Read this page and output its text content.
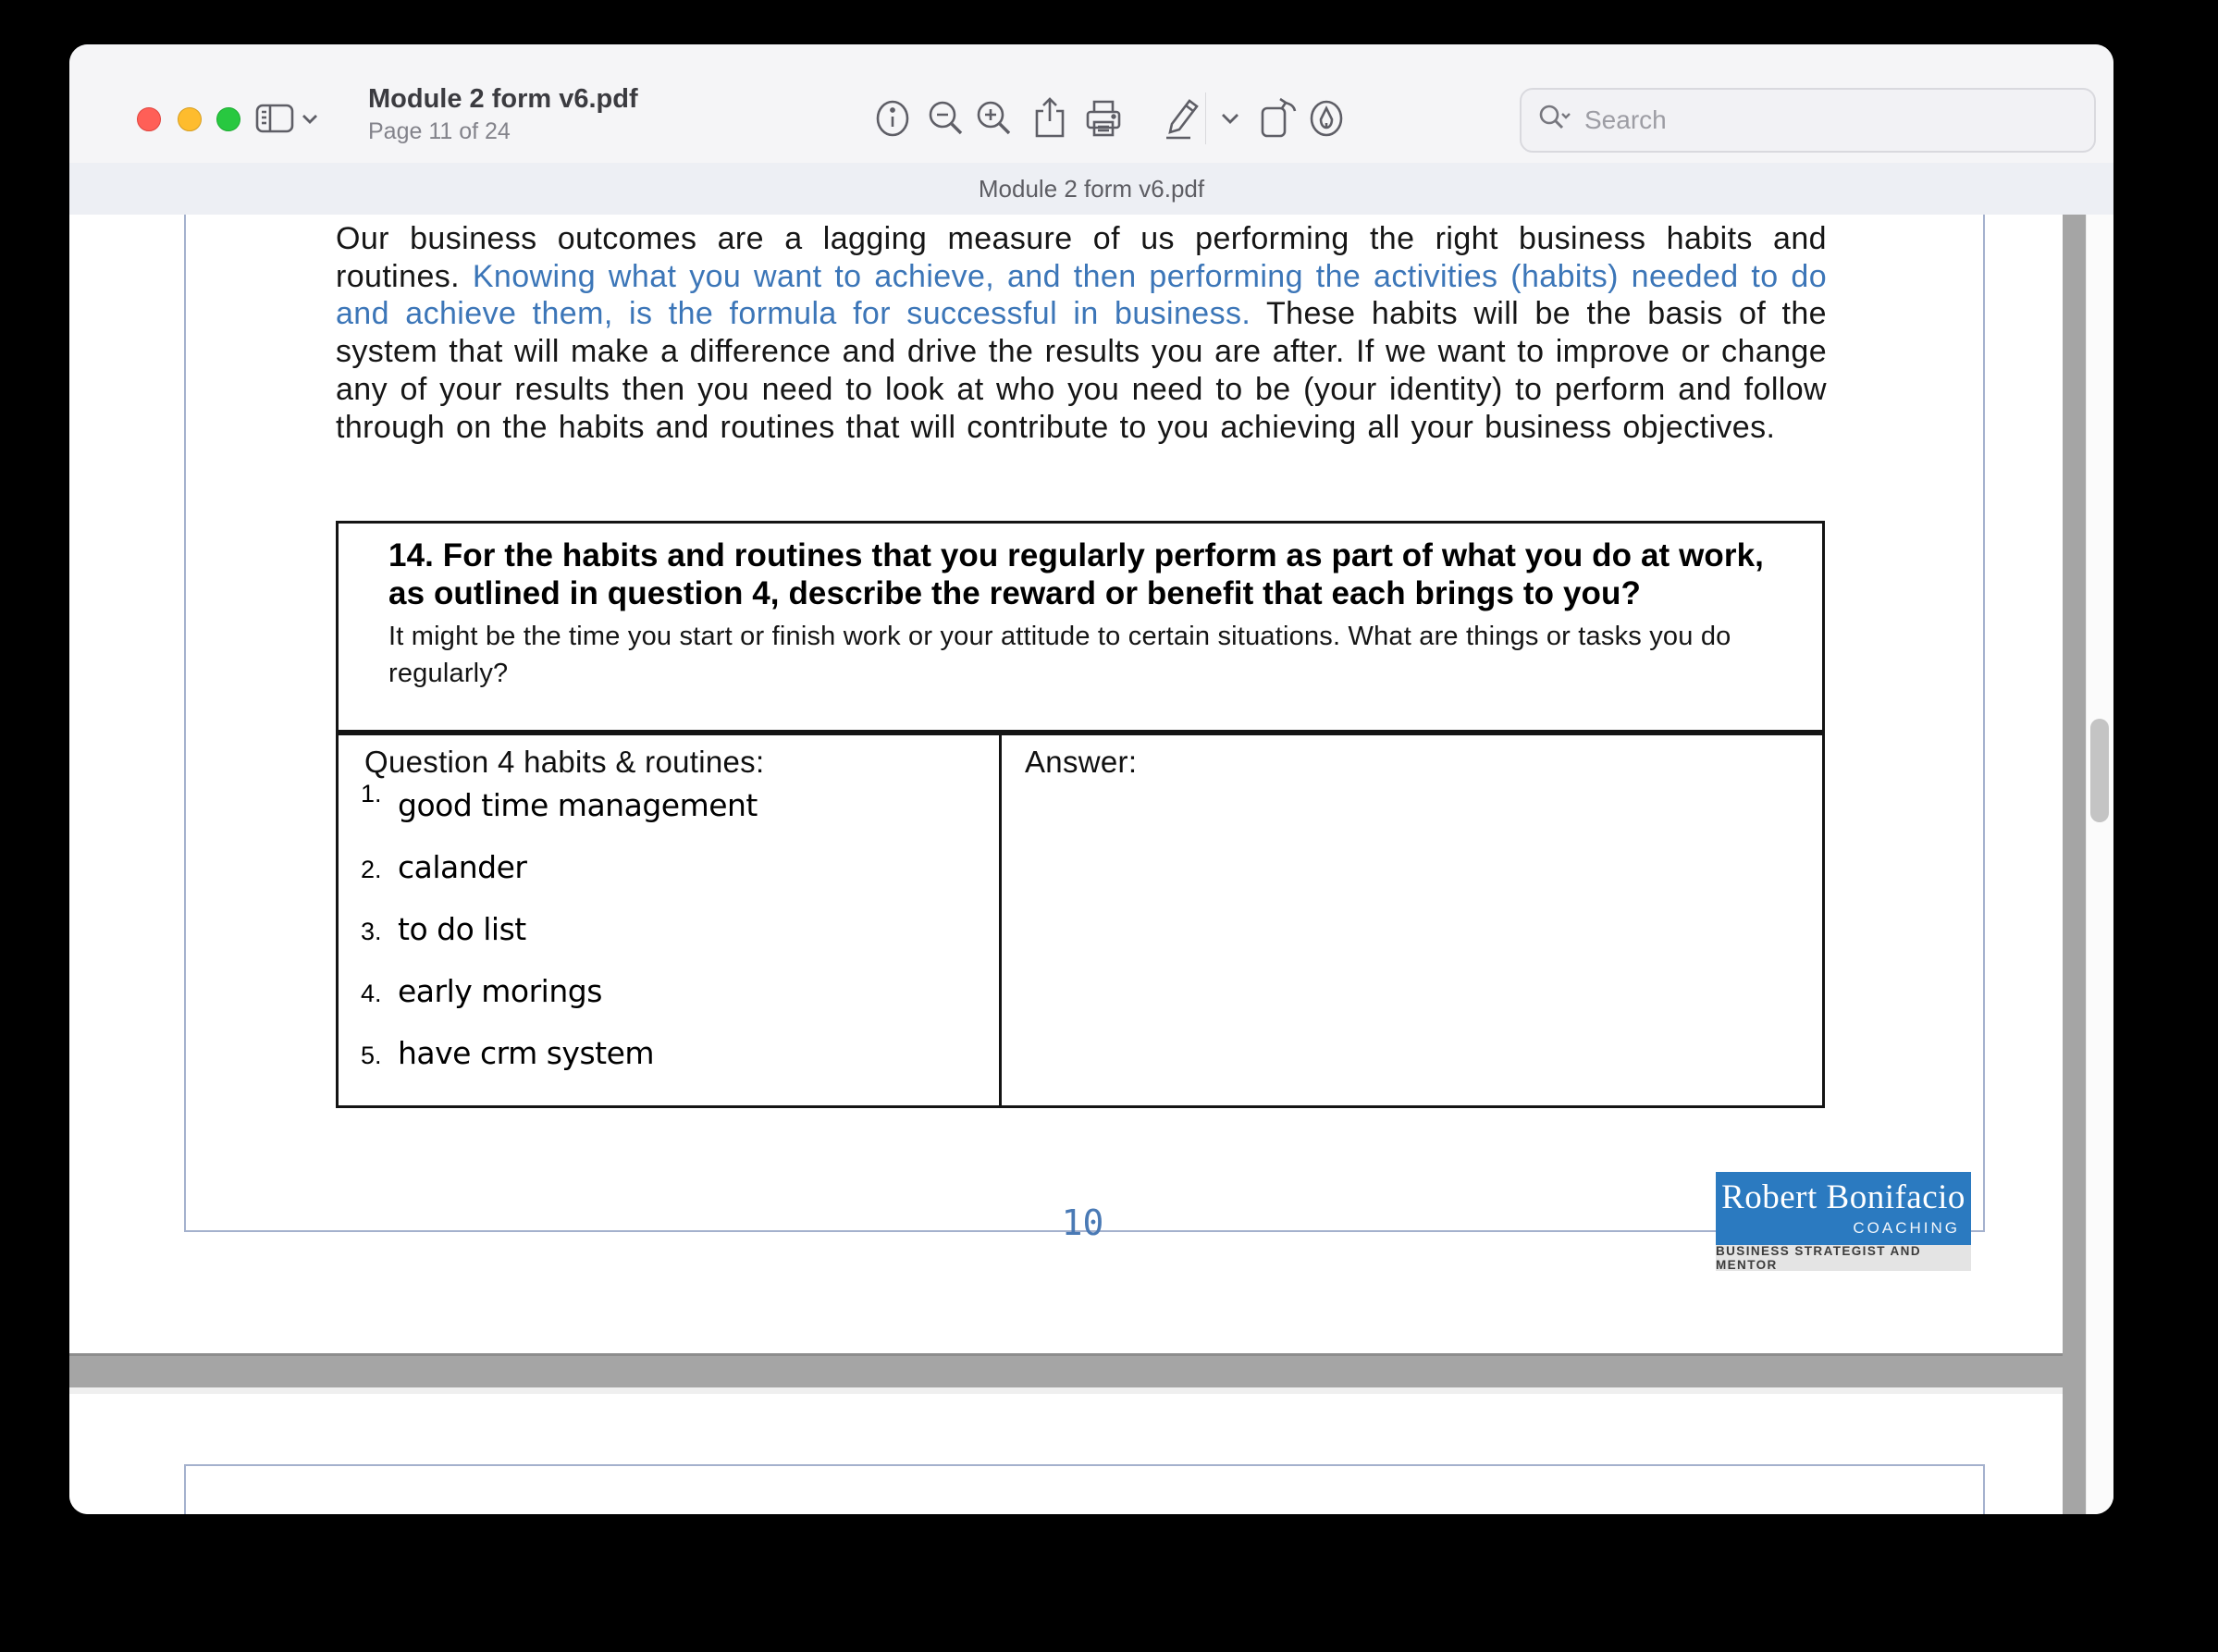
Module 2 form v6.pdf
Page 11 of 24
Search
Module 2 form v6.pdf
Our business outcomes are a lagging measure of us performing the right business habits and routines. Knowing what you want to achieve, and then performing the activities (habits) needed to do and achieve them, is the formula for successful in business. These habits will be the basis of the system that will make a difference and drive the results you are after. If we want to improve or change any of your results then you need to look at who you need to be (your identity) to perform and follow through on the habits and routines that will contribute to you achieving all your business objectives.
14. For the habits and routines that you regularly perform as part of what you do at work, as outlined in question 4, describe the reward or benefit that each brings to you?
It might be the time you start or finish work or your attitude to certain situations. What are things or tasks you do regularly?
Question 4 habits & routines:	Answer:
1. good time management
2. calander
3. to do list
4. early morings
5. have crm system
10
Robert Bonifacio
COACHING
BUSINESS STRATEGIST AND MENTOR
